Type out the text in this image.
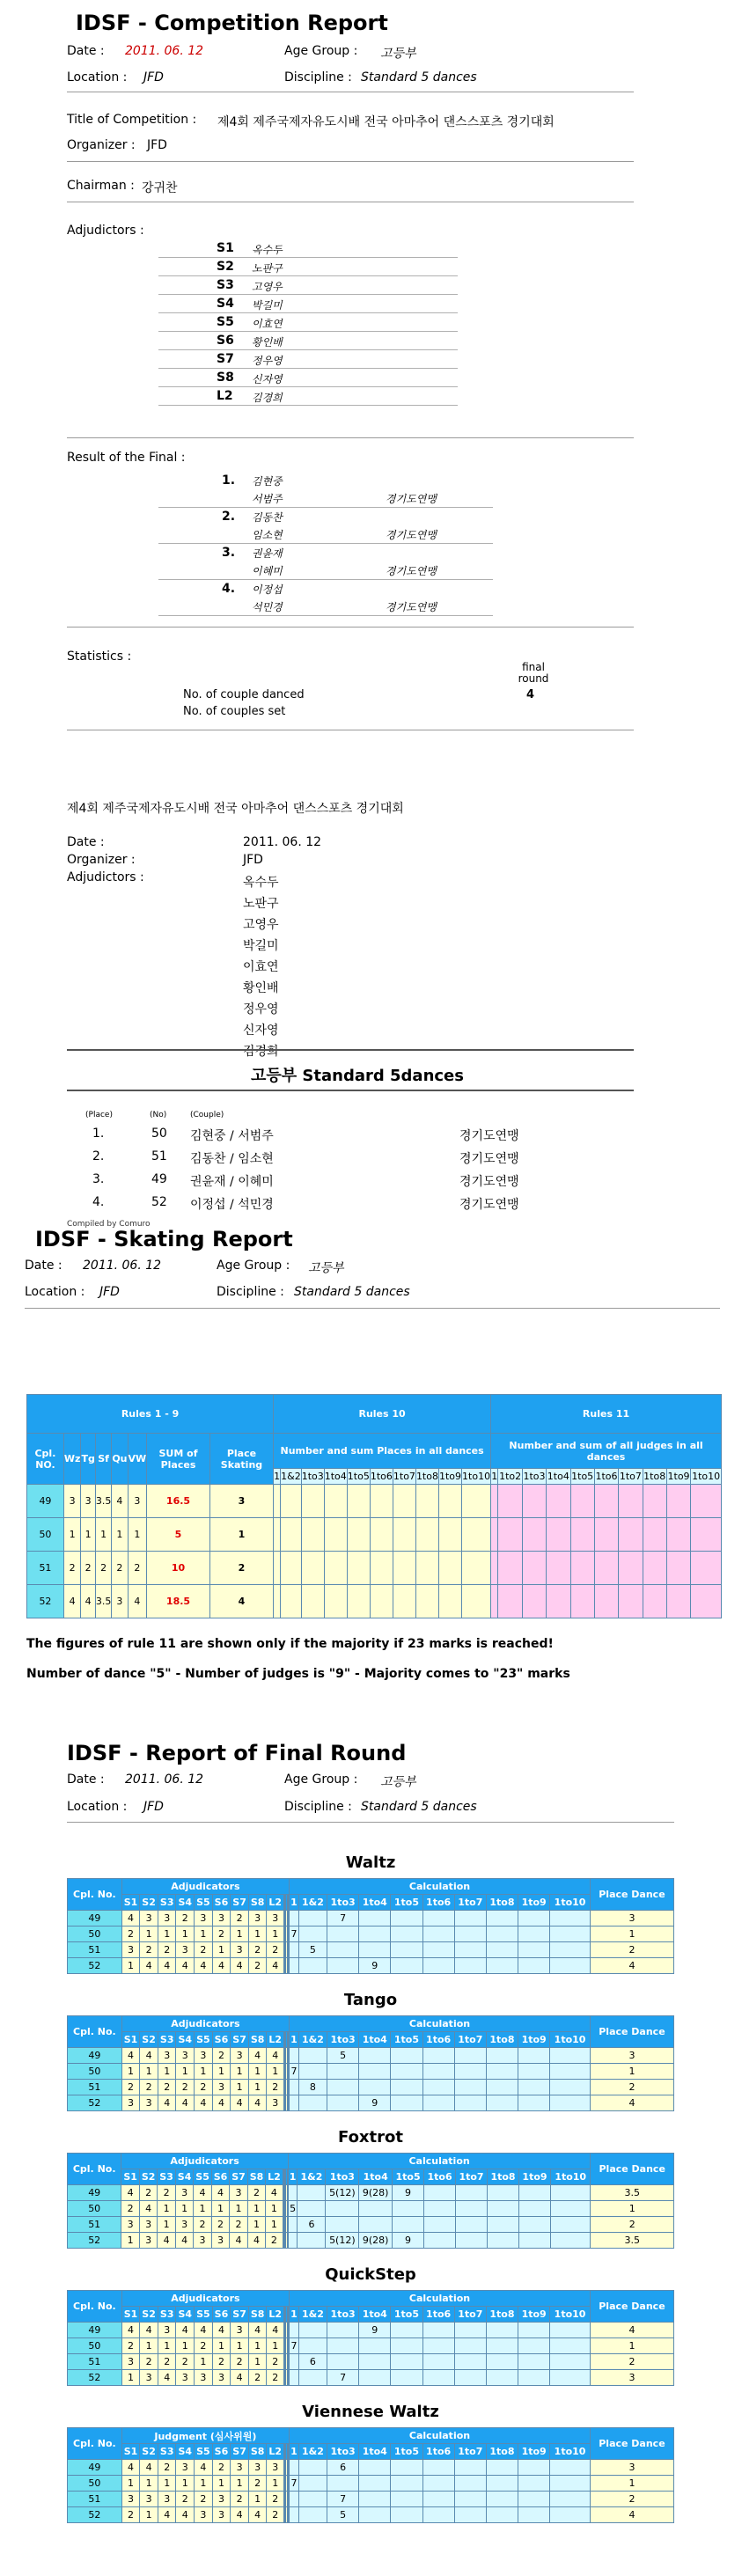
IDSF - Competition Report
Date : 2011. 06. 12	Age Group : 고등부
Location : JFD	Discipline : Standard 5 dances
Title of Competition : 제4회 제주국제자유도시배 전국 아마추어 댄스스포츠 경기대회
Organizer : JFD
Chairman : 강귀찬
Adjudictors :
S1 옥수두
S2 노판구
S3 고영우
S4 박길미
S5 이효연
S6 황인배
S7 정우영
S8 신자영
L2 김경희
Result of the Final :
1. 김현중
서범주	경기도연맹
2. 김동찬
임소현	경기도연맹
3. 권윤재
이혜미	경기도연맹
4. 이정섭
석민경	경기도연맹
Statistics :
final round
No. of couple danced
No. of couples set
4
제4회 제주국제자유도시배 전국 아마추어 댄스스포츠 경기대회
Date :	2011. 06. 12
Organizer :	JFD
Adjudictors :	옥수두
노판구
고영우
박길미
이효연
황인배
정우영
신자영
김경희
고등부 Standard 5dances
(Place)	(No)	(Couple)
1.	50 김현중 / 서범주	경기도연맹
2.	51 김동찬 / 임소현	경기도연맹
3.	49 권윤재 / 이혜미	경기도연맹
4.	52 이정섭 / 석민경	경기도연맹
Compiled by Comuro
IDSF - Skating Report
Date : 2011. 06. 12	Age Group : 고등부
Location : JFD	Discipline : Standard 5 dances
Rules 1 - 9								Rules 10										Rules 11									
Cpl. NO.	Wz	Tg	Sf	Qu	VW	SUM of Places	Place Skating	Number and sum Places in all dances										Number and sum of all judges in all dances									
								1	1&2	1to3	1to4	1to5	1to6	1to7	1to8	1to9	1to10	1	1to2	1to3	1to4	1to5	1to6	1to7	1to8	1to9	1to10
49	3	3	3.5	4	3	16.5	3																				
50	1	1	1	1	1	5	1																				
51	2	2	2	2	2	10	2																				
52	4	4	3.5	3	4	18.5	4																				
The figures of rule 11 are shown only if the majority if 23 marks is reached!
Number of dance "5" - Number of judges is "9" - Majority comes to "23" marks
IDSF - Report of Final Round
Date : 2011. 06. 12	Age Group : 고등부
Location : JFD	Discipline : Standard 5 dances
Waltz
Cpl. No.	Adjudicators												Calculation										Place Dance
	S1	S2	S3	S4	S5	S6	S7	S8	L2						1	1&2	1to3	1to4	1to5	1to6	1to7	1to8	1to9	1to10	
49	4	3	3	2	3	3	2	3	3								7								3
50	2	1	1	1	1	2	1	1	1						7										1
51	3	2	2	3	2	1	3	2	2							5									2
52	1	4	4	4	4	4	4	2	4									9							4
Tango
Cpl. No.	Adjudicators												Calculation										Place Dance
	S1	S2	S3	S4	S5	S6	S7	S8	L2						1	1&2	1to3	1to4	1to5	1to6	1to7	1to8	1to9	1to10	
49	4	4	3	3	3	2	3	4	4								5								3
50	1	1	1	1	1	1	1	1	1						7										1
51	2	2	2	2	2	3	1	1	2							8									2
52	3	3	4	4	4	4	4	4	3									9							4
Foxtrot
Cpl. No.	Adjudicators											Calculation										Place Dance
	S1	S2	S3	S4	S5	S6	S7	S8	L2						1	1&2	1to3	1to4	1to5	1to6	1to7	1to8	1to9	1to10	
49	4	2	2	3	4	4	3	2	4								5(12)	9(28)	9						3.5
50	2	4	1	1	1	1	1	1	1						5										1
51	3	3	1	3	2	2	2	1	1							6									2
52	1	3	4	4	3	3	4	4	2								5(12)	9(28)	9						3.5
QuickStep
Cpl. No.	Adjudicators												Calculation										Place Dance
	S1	S2	S3	S4	S5	S6	S7	S8	L2						1	1&2	1to3	1to4	1to5	1to6	1to7	1to8	1to9	1to10	
49	4	4	3	4	4	4	3	4	4									9							4
50	2	1	1	1	2	1	1	1	1						7										1
51	3	2	2	2	1	2	2	1	2							6									2
52	1	3	4	3	3	3	4	2	2								7								3
Viennese Waltz
Cpl. No.	Judgment (심사위원)												Calculation										Place Dance
	S1	S2	S3	S4	S5	S6	S7	S8	L2						1	1&2	1to3	1to4	1to5	1to6	1to7	1to8	1to9	1to10	
49	4	4	2	3	4	2	3	3	3								6								3
50	1	1	1	1	1	1	1	2	1						7										1
51	3	3	3	2	2	3	2	1	2								7								2
52	2	1	4	4	3	3	4	4	2								5								4
